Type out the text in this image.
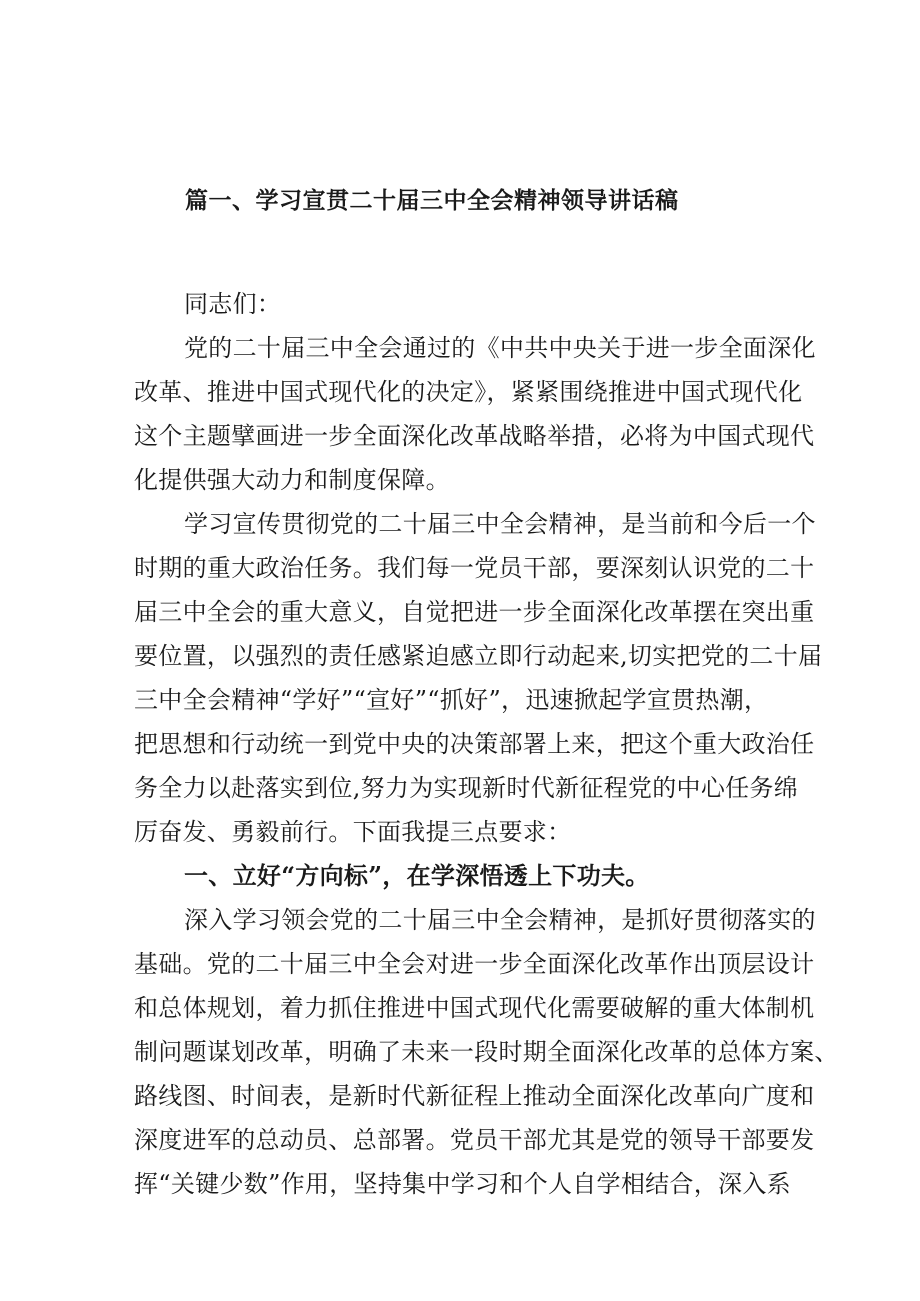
篇一、学习宣贯二十届三中全会精神领导讲话稿
同志们：
党的二十届三中全会通过的《中共中央关于进一步全面深化
改革、推进中国式现代化的决定》，紧紧围绕推进中国式现代化
这个主题擘画进一步全面深化改革战略举措，必将为中国式现代
化提供强大动力和制度保障。
学习宣传贯彻党的二十届三中全会精神，是当前和今后一个
时期的重大政治任务。我们每一党员干部，要深刻认识党的二十
届三中全会的重大意义，自觉把进一步全面深化改革摆在突出重
要位置，以强烈的责任感紧迫感立即行动起来,切实把党的二十届
三中全会精神“学好”“宣好”“抓好”，迅速掀起学宣贯热潮，
把思想和行动统一到党中央的决策部署上来，把这个重大政治任
务全力以赴落实到位,努力为实现新时代新征程党的中心任务绵
厉奋发、勇毅前行。下面我提三点要求：
一、立好“方向标”，在学深悟透上下功夫。
深入学习领会党的二十届三中全会精神，是抓好贯彻落实的
基础。党的二十届三中全会对进一步全面深化改革作出顶层设计
和总体规划，着力抓住推进中国式现代化需要破解的重大体制机
制问题谋划改革，明确了未来一段时期全面深化改革的总体方案、
路线图、时间表，是新时代新征程上推动全面深化改革向广度和
深度进军的总动员、总部署。党员干部尤其是党的领导干部要发
挥“关键少数”作用，坚持集中学习和个人自学相结合，深入系
